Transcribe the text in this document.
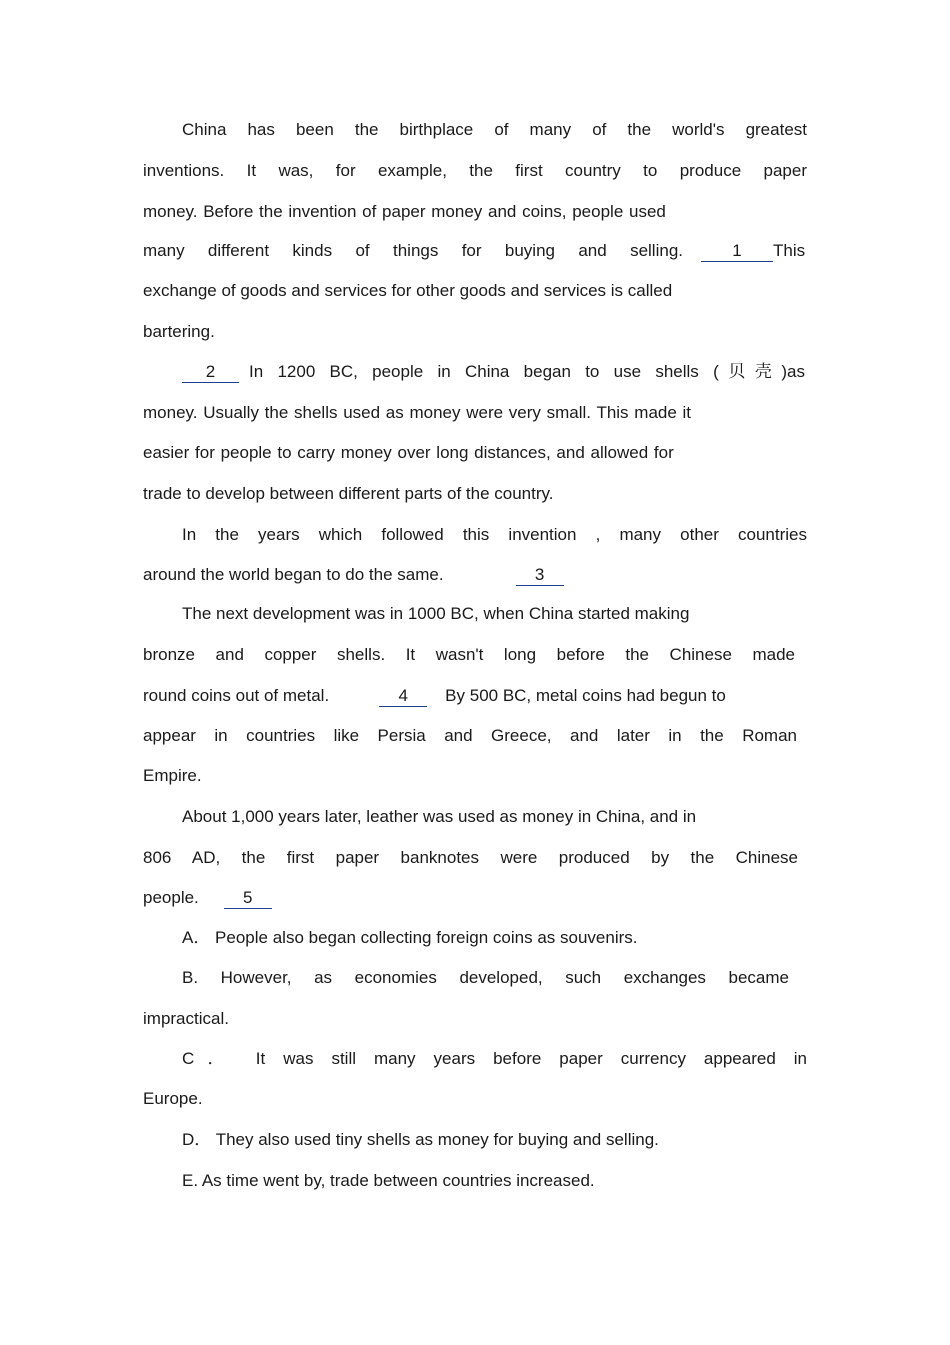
China has been the birthplace of many of the world's greatest
inventions. It was, for example, the first country to produce paper
money. Before the invention of paper money and coins, people used
many different kinds of things for buying and selling.	1 This
exchange of goods and services for other goods and services is called
bartering.
2 In 1200 BC, people in China began to use shells (贝壳)as
money. Usually the shells used as money were very small. This made it
easier for people to carry money over long distances, and allowed for
trade to develop between different parts of the country.
In the years which followed this invention , many other countries
around the world began to do the same.	3
The next development was in 1000 BC, when China started making
bronze and copper shells. It wasn't long before the Chinese made
round coins out of metal.	4 By 500 BC, metal coins had begun to
appear in countries like Persia and Greece, and later in the Roman
Empire.
About 1,000 years later, leather was used as money in China, and in
806 AD, the first paper banknotes were produced by the Chinese
people.	5
A． People also began collecting foreign coins as souvenirs.
B. However, as economies developed, such exchanges became
impractical.
C． It was still many years before paper currency appeared in
Europe.
D． They also used tiny shells as money for buying and selling.
E. As time went by, trade between countries increased.
